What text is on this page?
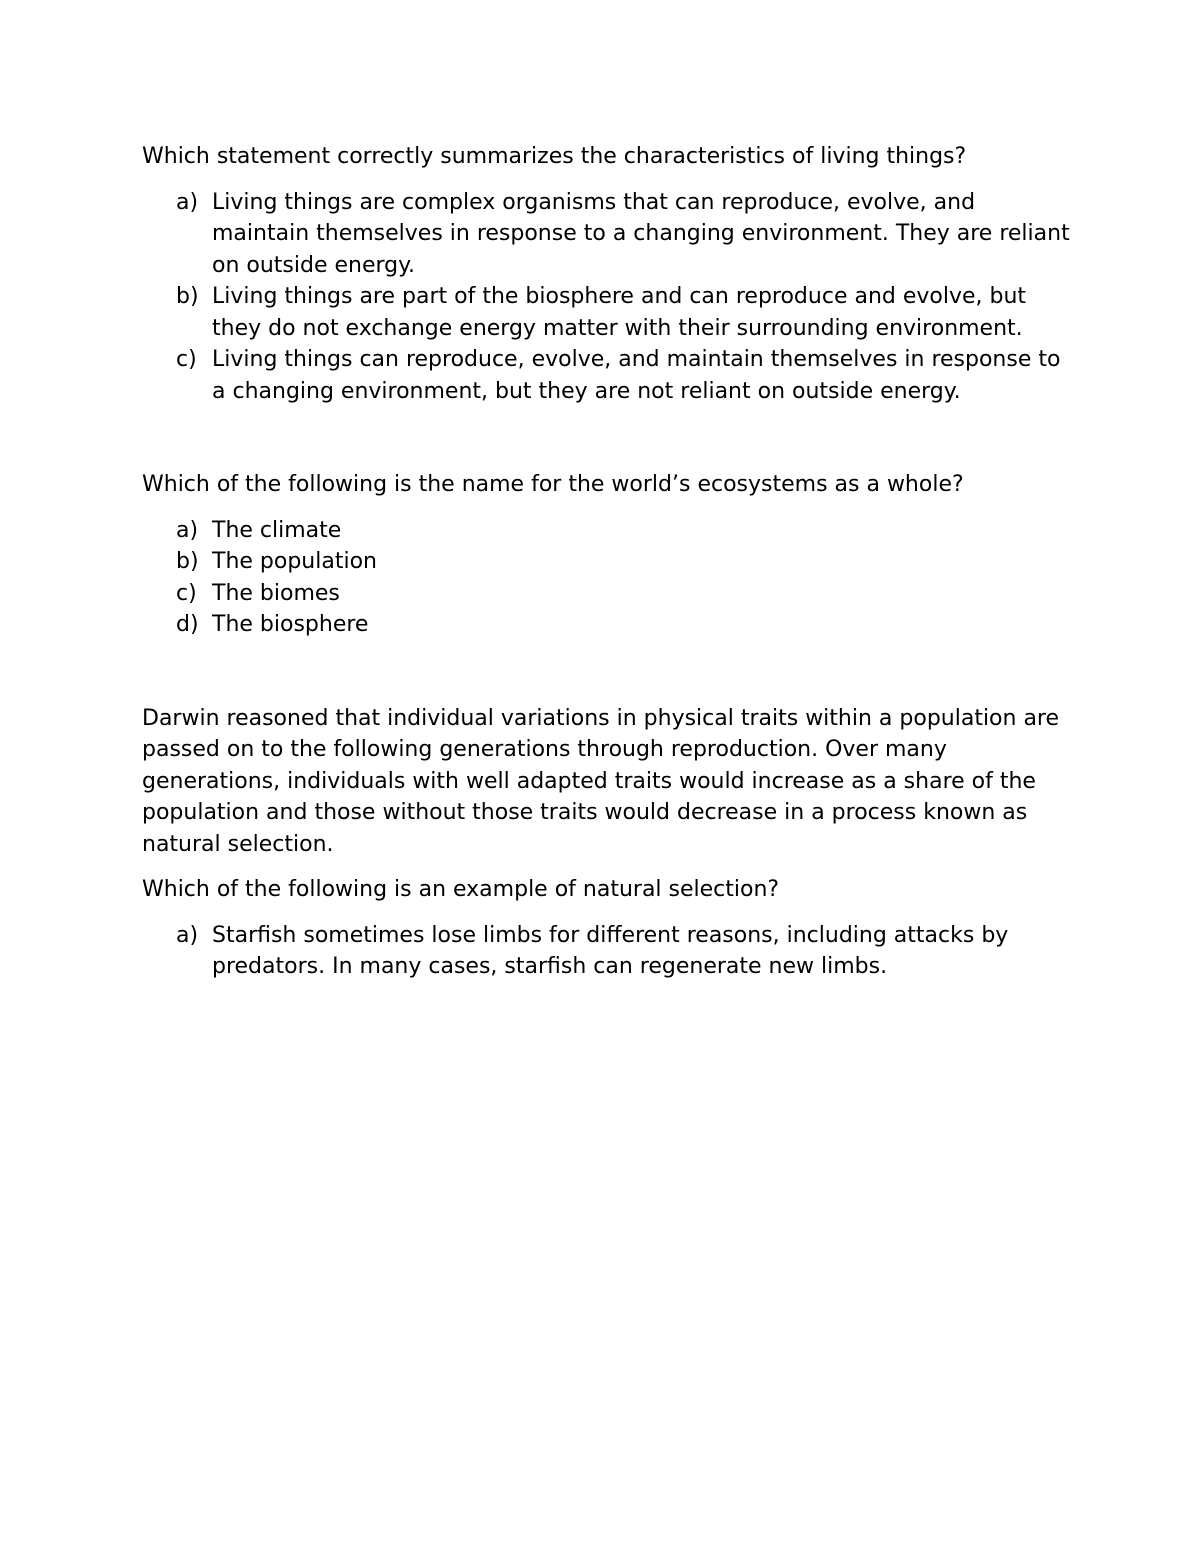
Which statement correctly summarizes the characteristics of living things?

a) Living things are complex organisms that can reproduce, evolve, and maintain themselves in response to a changing environment. They are reliant on outside energy.
b) Living things are part of the biosphere and can reproduce and evolve, but they do not exchange energy matter with their surrounding environment.
c) Living things can reproduce, evolve, and maintain themselves in response to a changing environment, but they are not reliant on outside energy.

Which of the following is the name for the world’s ecosystems as a whole?

a) The climate
b) The population
c) The biomes
d) The biosphere

Darwin reasoned that individual variations in physical traits within a population are passed on to the following generations through reproduction. Over many generations, individuals with well adapted traits would increase as a share of the population and those without those traits would decrease in a process known as natural selection.

Which of the following is an example of natural selection?

a) Starfish sometimes lose limbs for different reasons, including attacks by predators. In many cases, starfish can regenerate new limbs.
